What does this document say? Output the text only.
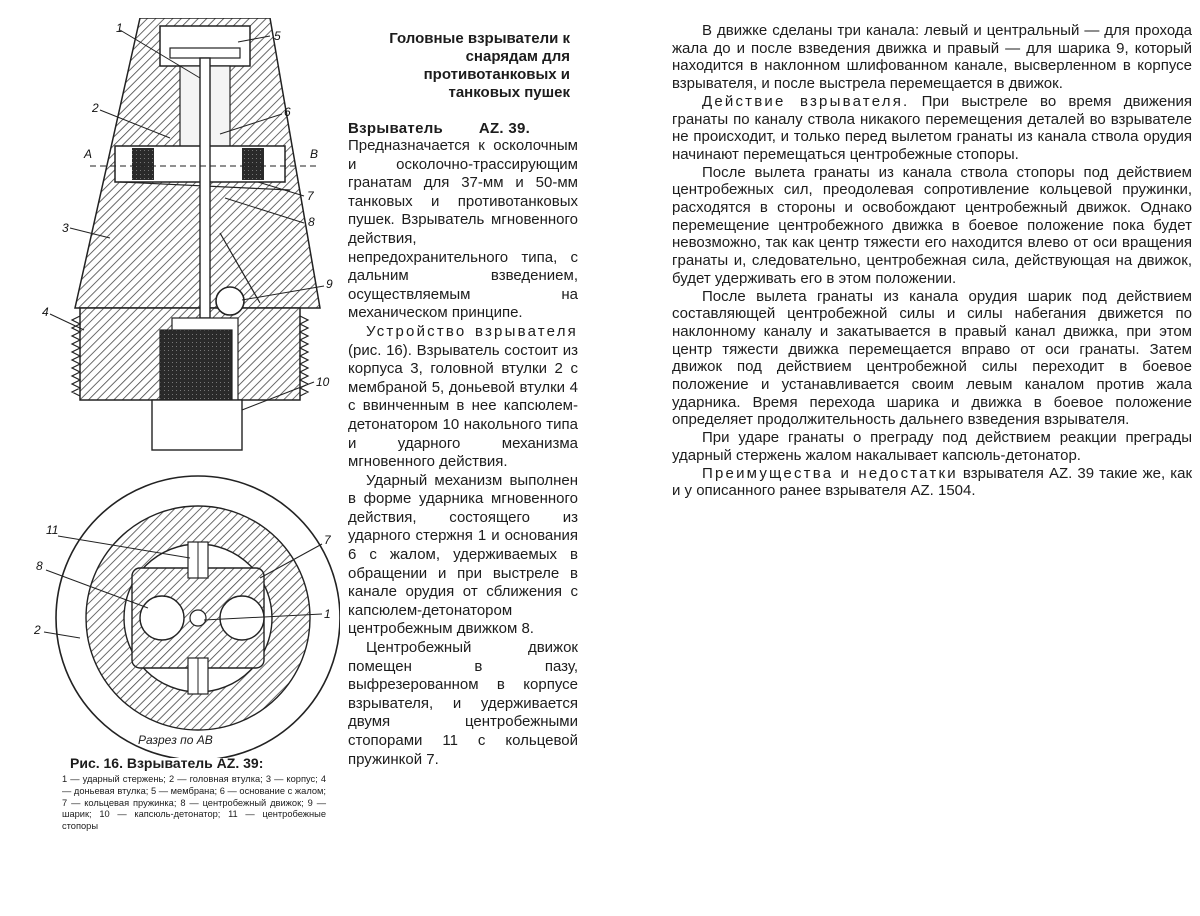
1
5
2	6
А	В
7
8
3
9
4
10
11
7
8
1
2
Разрез по АВ
Рис. 16. Взрыватель AZ. 39:
1 — ударный стержень; 2 — головная втулка; 3 — корпус; 4 — доньевая втулка; 5 — мембрана; 6 — основание с жалом; 7 — кольцевая пружинка; 8 — центробежный движок; 9 — шарик; 10 — капсюль-детонатор; 11 — центробежные стопоры
Головные взрыватели к снарядам для противотанковых и танковых пушек
Взрыватель AZ. 39.

Предназначается к осколочным и осколочно-трассирующим гранатам для 37-мм и 50-мм танковых и противотанковых пушек. Взрыватель мгновенного действия, непредохранительного типа, с дальним взведением, осуществляемым на механическом принципе.

Устройство взрывателя (рис. 16). Взрыватель состоит из корпуса 3, головной втулки 2 с мембраной 5, доньевой втулки 4 с ввинченным в нее капсюлем-детонатором 10 накольного типа и ударного механизма мгновенного действия.

Ударный механизм выполнен в форме ударника мгновенного действия, состоящего из ударного стержня 1 и основания 6 с жалом, удерживаемых в обращении и при выстреле в канале орудия от сближения с капсюлем-детонатором центробежным движком 8.

Центробежный движок помещен в пазу, выфрезерованном в корпусе взрывателя, и удерживается двумя центробежными стопорами 11 с кольцевой пружинкой 7.

В движке сделаны три канала: левый и центральный — для прохода жала до и после взведения движка и правый — для шарика 9, который находится в наклонном шлифованном канале, высверленном в корпусе взрывателя, и после выстрела перемещается в движок.

Действие взрывателя. При выстреле во время движения гранаты по каналу ствола никакого перемещения деталей во взрывателе не происходит, и только перед вылетом гранаты из канала ствола орудия начинают перемещаться центробежные стопоры.

После вылета гранаты из канала ствола стопоры под действием центробежных сил, преодолевая сопротивление кольцевой пружинки, расходятся в стороны и освобождают центробежный движок. Однако перемещение центробежного движка в боевое положение пока будет невозможно, так как центр тяжести его находится влево от оси вращения гранаты и, следовательно, центробежная сила, действующая на движок, будет удерживать его в этом положении.

После вылета гранаты из канала орудия шарик под действием составляющей центробежной силы и силы набегания движется по наклонному каналу и закатывается в правый канал движка, при этом центр тяжести движка перемещается вправо от оси гранаты. Затем движок под действием центробежной силы переходит в боевое положение и устанавливается своим левым каналом против жала ударника. Время перехода шарика и движка в боевое положение определяет продолжительность дальнего взведения взрывателя.

При ударе гранаты о преграду под действием реакции преграды ударный стержень жалом накалывает капсюль-детонатор.

Преимущества и недостатки взрывателя AZ. 39 такие же, как и у описанного ранее взрывателя AZ. 1504.
